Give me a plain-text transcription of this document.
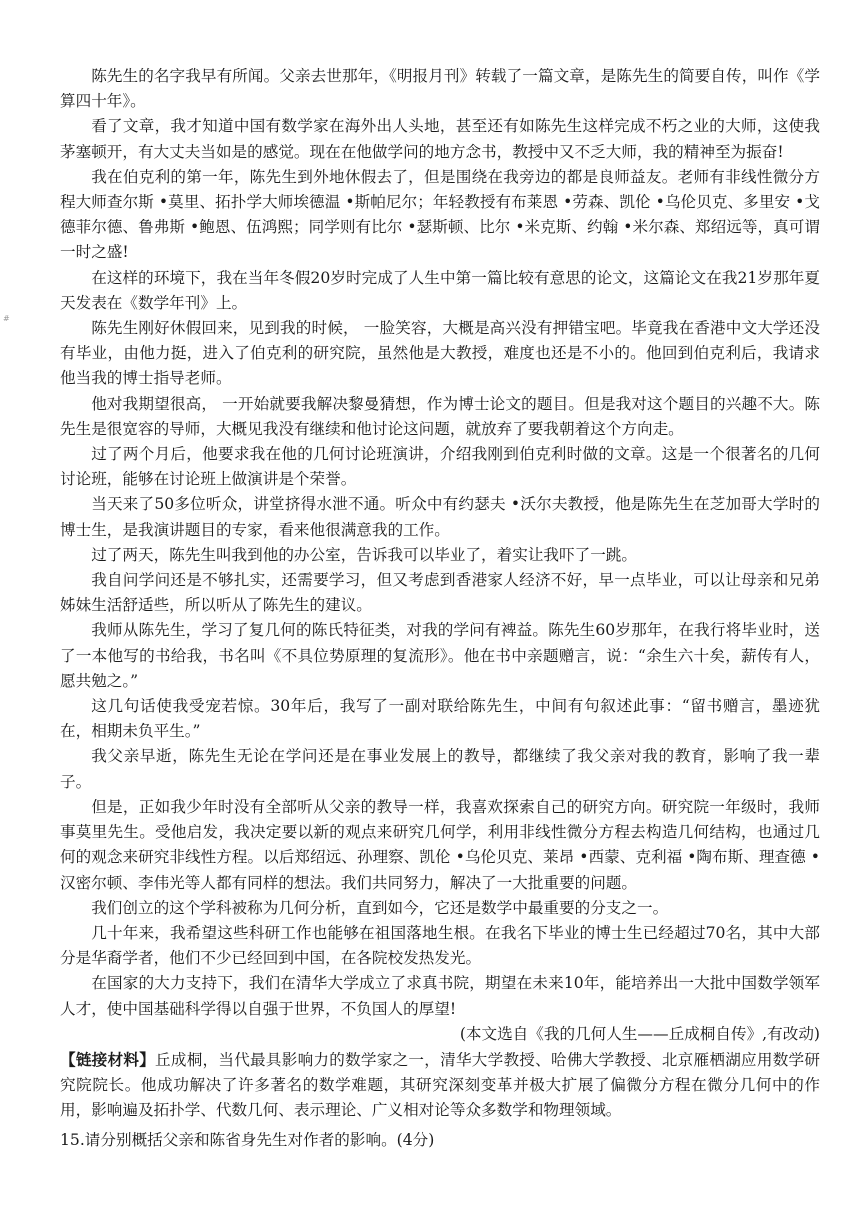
#

陈先生的名字我早有所闻。父亲去世那年，《明报月刊》转载了一篇文章，是陈先生的简要自传，叫作《学算四十年》。

看了文章，我才知道中国有数学家在海外出人头地，甚至还有如陈先生这样完成不朽之业的大师，这使我茅塞顿开，有大丈夫当如是的感觉。现在在他做学问的地方念书，教授中又不乏大师，我的精神至为振奋!

我在伯克利的第一年，陈先生到外地休假去了，但是围绕在我旁边的都是良师益友。老师有非线性微分方程大师查尔斯 •莫里、拓扑学大师埃德温 •斯帕尼尔；年轻教授有布莱恩 •劳森、凯伦 •乌伦贝克、多里安 •戈德菲尔德、鲁弗斯 •鲍恩、伍鸿熙；同学则有比尔 •瑟斯顿、比尔 •米克斯、约翰 •米尔森、郑绍远等，真可谓一时之盛!

在这样的环境下，我在当年冬假20岁时完成了人生中第一篇比较有意思的论文，这篇论文在我21岁那年夏天发表在《数学年刊》上。

陈先生刚好休假回来，见到我的时候， 一脸笑容，大概是高兴没有押错宝吧。毕竟我在香港中文大学还没有毕业，由他力挺，进入了伯克利的研究院，虽然他是大教授，难度也还是不小的。他回到伯克利后，我请求他当我的博士指导老师。

他对我期望很高， 一开始就要我解决黎曼猜想，作为博士论文的题目。但是我对这个题目的兴趣不大。陈先生是很宽容的导师，大概见我没有继续和他讨论这问题，就放弃了要我朝着这个方向走。

过了两个月后，他要求我在他的几何讨论班演讲，介绍我刚到伯克利时做的文章。这是一个很著名的几何讨论班，能够在讨论班上做演讲是个荣誉。

当天来了50多位听众，讲堂挤得水泄不通。听众中有约瑟夫 •沃尔夫教授，他是陈先生在芝加哥大学时的博士生，是我演讲题目的专家，看来他很满意我的工作。

过了两天，陈先生叫我到他的办公室，告诉我可以毕业了，着实让我吓了一跳。

我自问学问还是不够扎实，还需要学习，但又考虑到香港家人经济不好，早一点毕业，可以让母亲和兄弟姊妹生活舒适些，所以听从了陈先生的建议。

我师从陈先生，学习了复几何的陈氏特征类，对我的学问有裨益。陈先生60岁那年，在我行将毕业时，送了一本他写的书给我，书名叫《不具位势原理的复流形》。他在书中亲题赠言，说：“余生六十矣，薪传有人，愿共勉之。”

这几句话使我受宠若惊。30年后，我写了一副对联给陈先生，中间有句叙述此事：“留书赠言，墨迹犹在，相期未负平生。”

我父亲早逝，陈先生无论在学问还是在事业发展上的教导，都继续了我父亲对我的教育，影响了我一辈子。

但是，正如我少年时没有全部听从父亲的教导一样，我喜欢探索自己的研究方向。研究院一年级时，我师事莫里先生。受他启发，我决定要以新的观点来研究几何学，利用非线性微分方程去构造几何结构，也通过几何的观念来研究非线性方程。以后郑绍远、孙理察、凯伦 •乌伦贝克、莱昂 •西蒙、克利福 •陶布斯、理查德 •汉密尔顿、李伟光等人都有同样的想法。我们共同努力，解决了一大批重要的问题。

我们创立的这个学科被称为几何分析，直到如今，它还是数学中最重要的分支之一。

几十年来，我希望这些科研工作也能够在祖国落地生根。在我名下毕业的博士生已经超过70名，其中大部分是华裔学者，他们不少已经回到中国，在各院校发热发光。

在国家的大力支持下，我们在清华大学成立了求真书院，期望在未来10年，能培养出一大批中国数学领军人才，使中国基础科学得以自强于世界，不负国人的厚望!

(本文选自《我的几何人生——丘成桐自传》,有改动)

【链接材料】丘成桐，当代最具影响力的数学家之一，清华大学教授、哈佛大学教授、北京雁栖湖应用数学研究院院长。他成功解决了许多著名的数学难题，其研究深刻变革并极大扩展了偏微分方程在微分几何中的作用，影响遍及拓扑学、代数几何、表示理论、广义相对论等众多数学和物理领域。

15.请分别概括父亲和陈省身先生对作者的影响。(4分)
